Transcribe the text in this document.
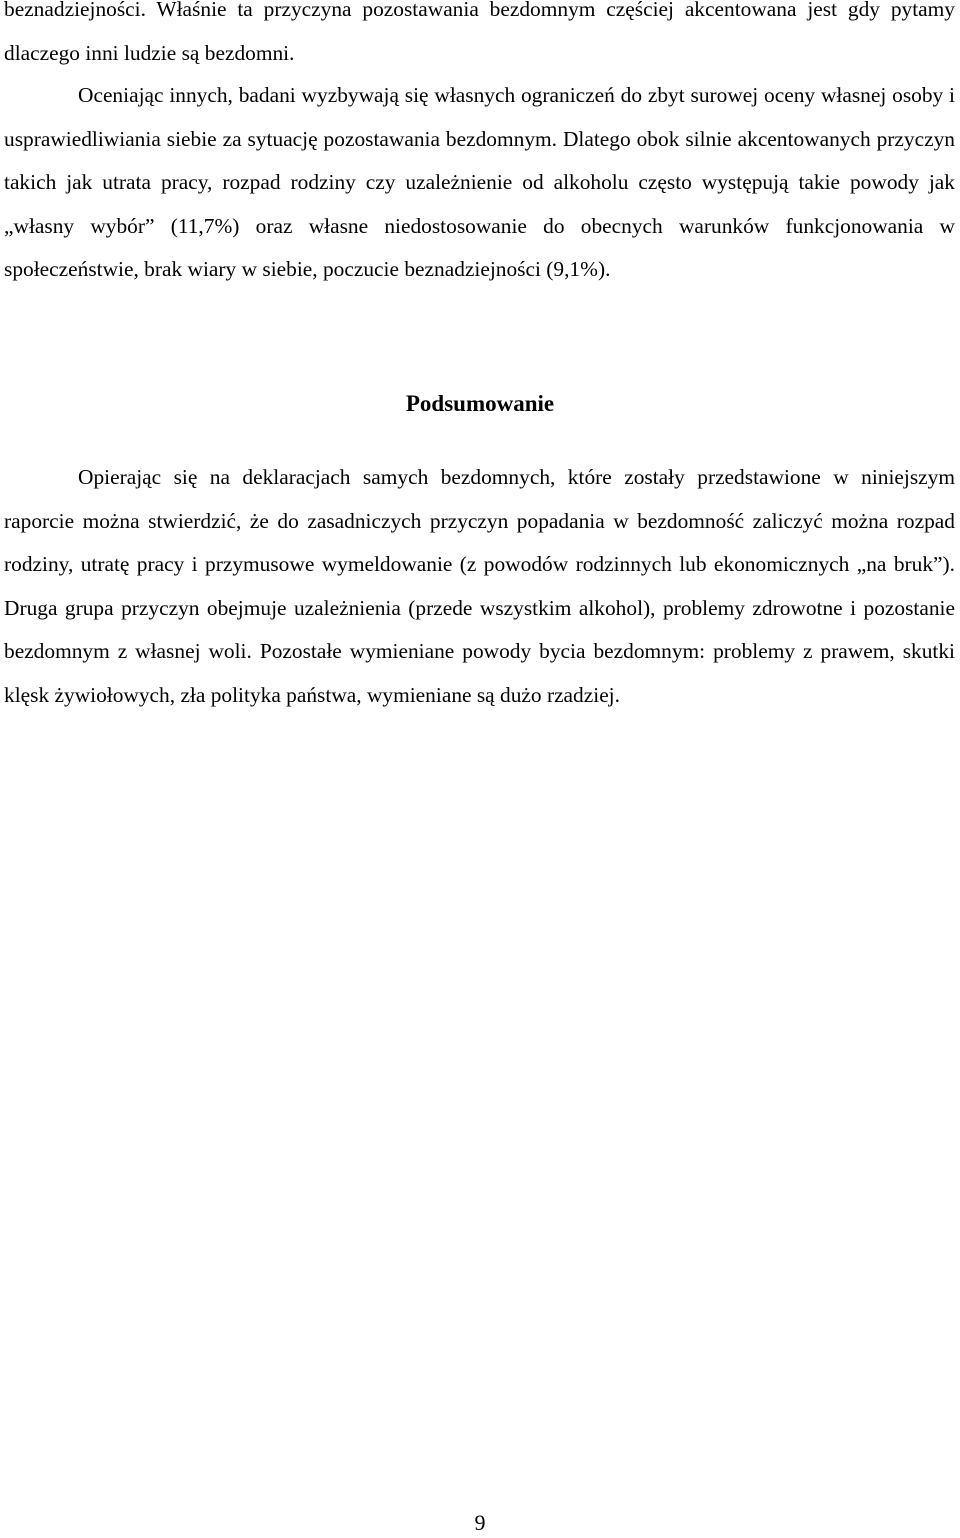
beznadziejności. Właśnie ta przyczyna pozostawania bezdomnym częściej akcentowana jest gdy pytamy dlaczego inni ludzie są bezdomni.

Oceniając innych, badani wyzbywają się własnych ograniczeń do zbyt surowej oceny własnej osoby i usprawiedliwiania siebie za sytuację pozostawania bezdomnym. Dlatego obok silnie akcentowanych przyczyn takich jak utrata pracy, rozpad rodziny czy uzależnienie od alkoholu często występują takie powody jak „własny wybór” (11,7%) oraz własne niedostosowanie do obecnych warunków funkcjonowania w społeczeństwie, brak wiary w siebie, poczucie beznadziejności (9,1%).

Podsumowanie

Opierając się na deklaracjach samych bezdomnych, które zostały przedstawione w niniejszym raporcie można stwierdzić, że do zasadniczych przyczyn popadania w bezdomność zaliczyć można rozpad rodziny, utratę pracy i przymusowe wymeldowanie (z powodów rodzinnych lub ekonomicznych „na bruk”). Druga grupa przyczyn obejmuje uzależnienia (przede wszystkim alkohol), problemy zdrowotne i pozostanie bezdomnym z własnej woli. Pozostałe wymieniane powody bycia bezdomnym: problemy z prawem, skutki klęsk żywiołowych, zła polityka państwa, wymieniane są dużo rzadziej.

9
